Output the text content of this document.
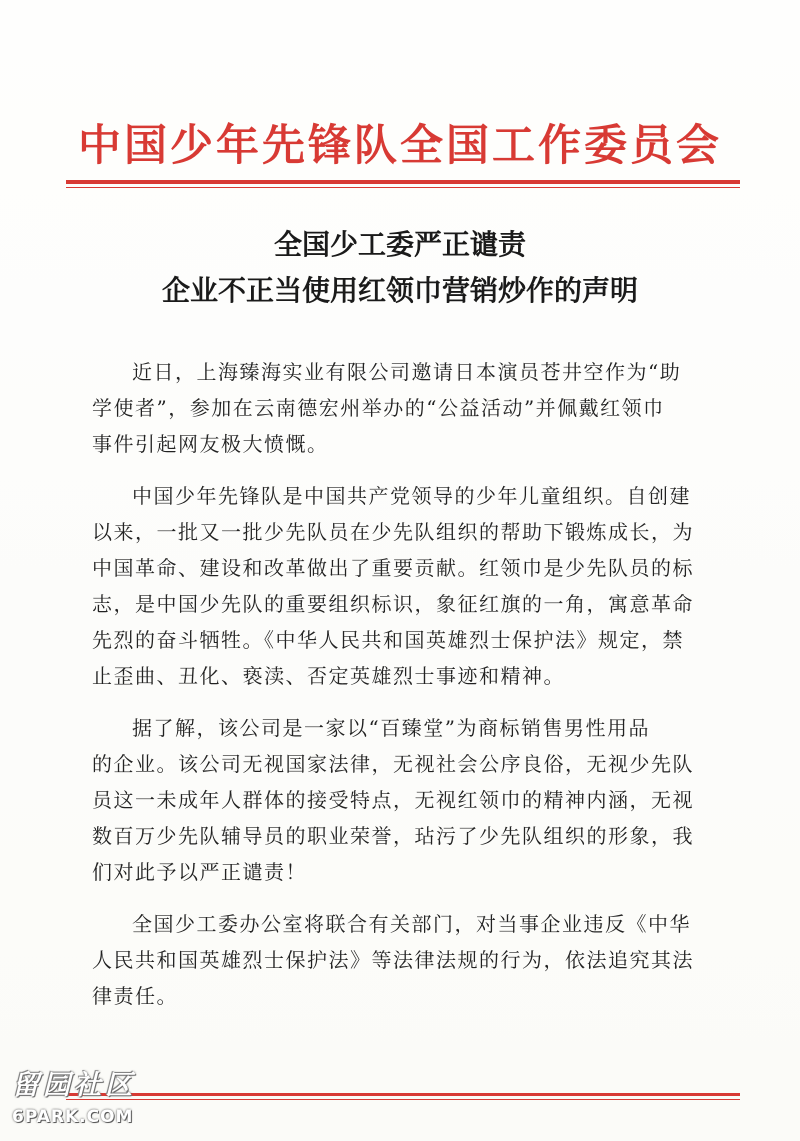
中国少年先锋队全国工作委员会
全国少工委严正谴责
企业不正当使用红领巾营销炒作的声明
近日，上海臻海实业有限公司邀请日本演员苍井空作为“助
学使者”，参加在云南德宏州举办的“公益活动”并佩戴红领巾
事件引起网友极大愤慨。
中国少年先锋队是中国共产党领导的少年儿童组织。自创建
以来，一批又一批少先队员在少先队组织的帮助下锻炼成长，为
中国革命、建设和改革做出了重要贡献。红领巾是少先队员的标
志，是中国少先队的重要组织标识，象征红旗的一角，寓意革命
先烈的奋斗牺牲。《中华人民共和国英雄烈士保护法》规定，禁
止歪曲、丑化、亵渎、否定英雄烈士事迹和精神。
据了解，该公司是一家以“百臻堂”为商标销售男性用品
的企业。该公司无视国家法律，无视社会公序良俗，无视少先队
员这一未成年人群体的接受特点，无视红领巾的精神内涵，无视
数百万少先队辅导员的职业荣誉，玷污了少先队组织的形象，我
们对此予以严正谴责！
全国少工委办公室将联合有关部门，对当事企业违反《中华
人民共和国英雄烈士保护法》等法律法规的行为，依法追究其法
律责任。
留园社区
6PARK.COM
